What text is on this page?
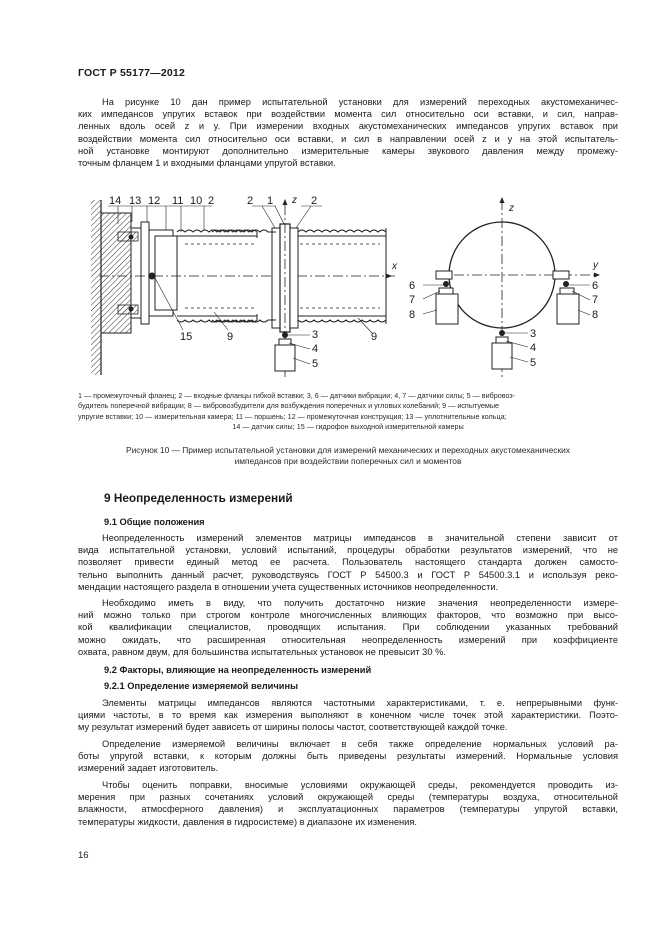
ГОСТ Р 55177—2012

На рисунке 10 дан пример испытательной установки для измерений переходных акустомеханичес-

ких импедансов упругих вставок при воздействии момента сил относительно оси вставки, и сил, направ-

ленных вдоль осей z и y. При измерении входных акустомеханических импедансов упругих вставок при

воздействии момента сил относительно оси вставки, и сил в направлении осей z и y на этой испытатель-

ной установке монтируют дополнительно измерительные камеры звукового давления между промежу-

точным фланцем 1 и входными фланцами упругой вставки.

14 13 12 11 10 2
15	9
2 1 z 2
x
3
4
5
9
z
y
6
7
8
6
7
8
3
4
5
1 — промежуточный фланец; 2 — входные фланцы гибкой вставки; 3, 6 — датчики вибрации; 4, 7 — датчики силы; 5 — вибровоз-
будитель поперечной вибрации; 8 — вибровозбудители для возбуждения поперечных и угловых колебаний; 9 — испытуемые
упругие вставки; 10 — измерительная камера; 11 — поршень; 12 — промежуточная конструкция; 13 — уплотнительные кольца;
14 — датчик силы; 15 — гидрофон выходной измерительной камеры
Рисунок 10 — Пример испытательной установки для измерений механических и переходных акустомеханических
импедансов при воздействии поперечных сил и моментов
9 Неопределенность измерений
9.1 Общие положения

Неопределенность измерений элементов матрицы импедансов в значительной степени зависит от

вида испытательной установки, условий испытаний, процедуры обработки результатов измерений, что не

позволяет привести единый метод ее расчета. Пользователь настоящего стандарта должен самосто-

тельно выполнить данный расчет, руководствуясь ГОСТ Р 54500.3 и ГОСТ Р 54500.3.1 и используя реко-

мендации настоящего раздела в отношении учета существенных источников неопределенности.

Необходимо иметь в виду, что получить достаточно низкие значения неопределенности измере-

ний можно только при строгом контроле многочисленных влияющих факторов, что возможно при высо-

кой квалификации специалистов, проводящих испытания. При соблюдении указанных требований

можно ожидать, что расширенная относительная неопределенность измерений при коэффициенте

охвата, равном двум, для большинства испытательных установок не превысит 30 %.

9.2 Факторы, влияющие на неопределенность измерений
9.2.1 Определение измеряемой величины

Элементы матрицы импедансов являются частотными характеристиками, т. е. непрерывными функ-

циями частоты, в то время как измерения выполняют в конечном числе точек этой характеристики. Поэто-

му результат измерений будет зависеть от ширины полосы частот, соответствующей каждой точке.

Определение измеряемой величины включает в себя также определение нормальных условий ра-

боты упругой вставки, к которым должны быть приведены результаты измерений. Нормальные условия

измерений задает изготовитель.

Чтобы оценить поправки, вносимые условиями окружающей среды, рекомендуется проводить из-

мерения при разных сочетаниях условий окружающей среды (температуры воздуха, относительной

влажности, атмосферного давления) и эксплуатационных параметров (температуры упругой вставки,

температуры жидкости, давления в гидросистеме) в диапазоне их изменения.

16
